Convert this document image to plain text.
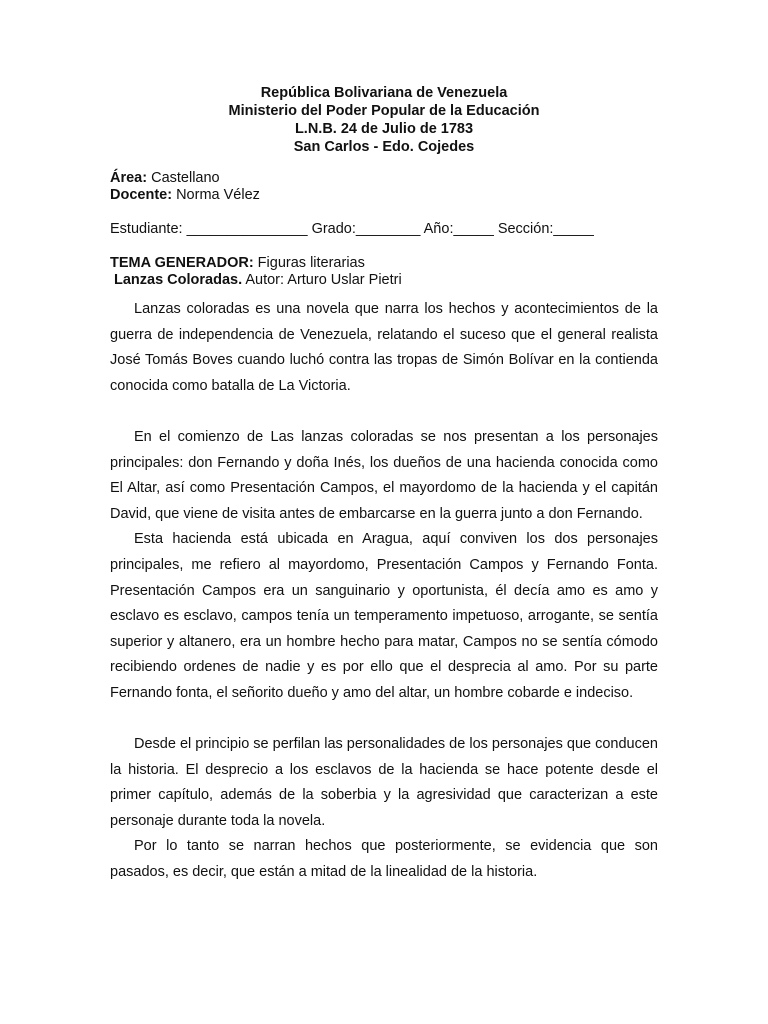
República Bolivariana de Venezuela
Ministerio del Poder Popular de la Educación
L.N.B. 24 de Julio de 1783
San Carlos - Edo. Cojedes
Área: Castellano
Docente: Norma Vélez
Estudiante: _______________ Grado:________ Año:_____ Sección:_____
TEMA GENERADOR: Figuras literarias
Lanzas Coloradas. Autor: Arturo Uslar Pietri

Lanzas coloradas es una novela que narra los hechos y acontecimientos de la guerra de independencia de Venezuela, relatando el suceso que el general realista José Tomás Boves cuando luchó contra las tropas de Simón Bolívar en la contienda conocida como batalla de La Victoria.

En el comienzo de Las lanzas coloradas se nos presentan a los personajes principales: don Fernando y doña Inés, los dueños de una hacienda conocida como El Altar, así como Presentación Campos, el mayordomo de la hacienda y el capitán David, que viene de visita antes de embarcarse en la guerra junto a don Fernando.

Esta hacienda está ubicada en Aragua, aquí conviven los dos personajes principales, me refiero al mayordomo, Presentación Campos y Fernando Fonta. Presentación Campos era un sanguinario y oportunista, él decía amo es amo y esclavo es esclavo, campos tenía un temperamento impetuoso, arrogante, se sentía superior y altanero, era un hombre hecho para matar, Campos no se sentía cómodo recibiendo ordenes de nadie y es por ello que el desprecia al amo. Por su parte Fernando fonta, el señorito dueño y amo del altar, un hombre cobarde e indeciso.

Desde el principio se perfilan las personalidades de los personajes que conducen la historia. El desprecio a los esclavos de la hacienda se hace potente desde el primer capítulo, además de la soberbia y la agresividad que caracterizan a este personaje durante toda la novela.

Por lo tanto se narran hechos que posteriormente, se evidencia que son pasados, es decir, que están a mitad de la linealidad de la historia.
